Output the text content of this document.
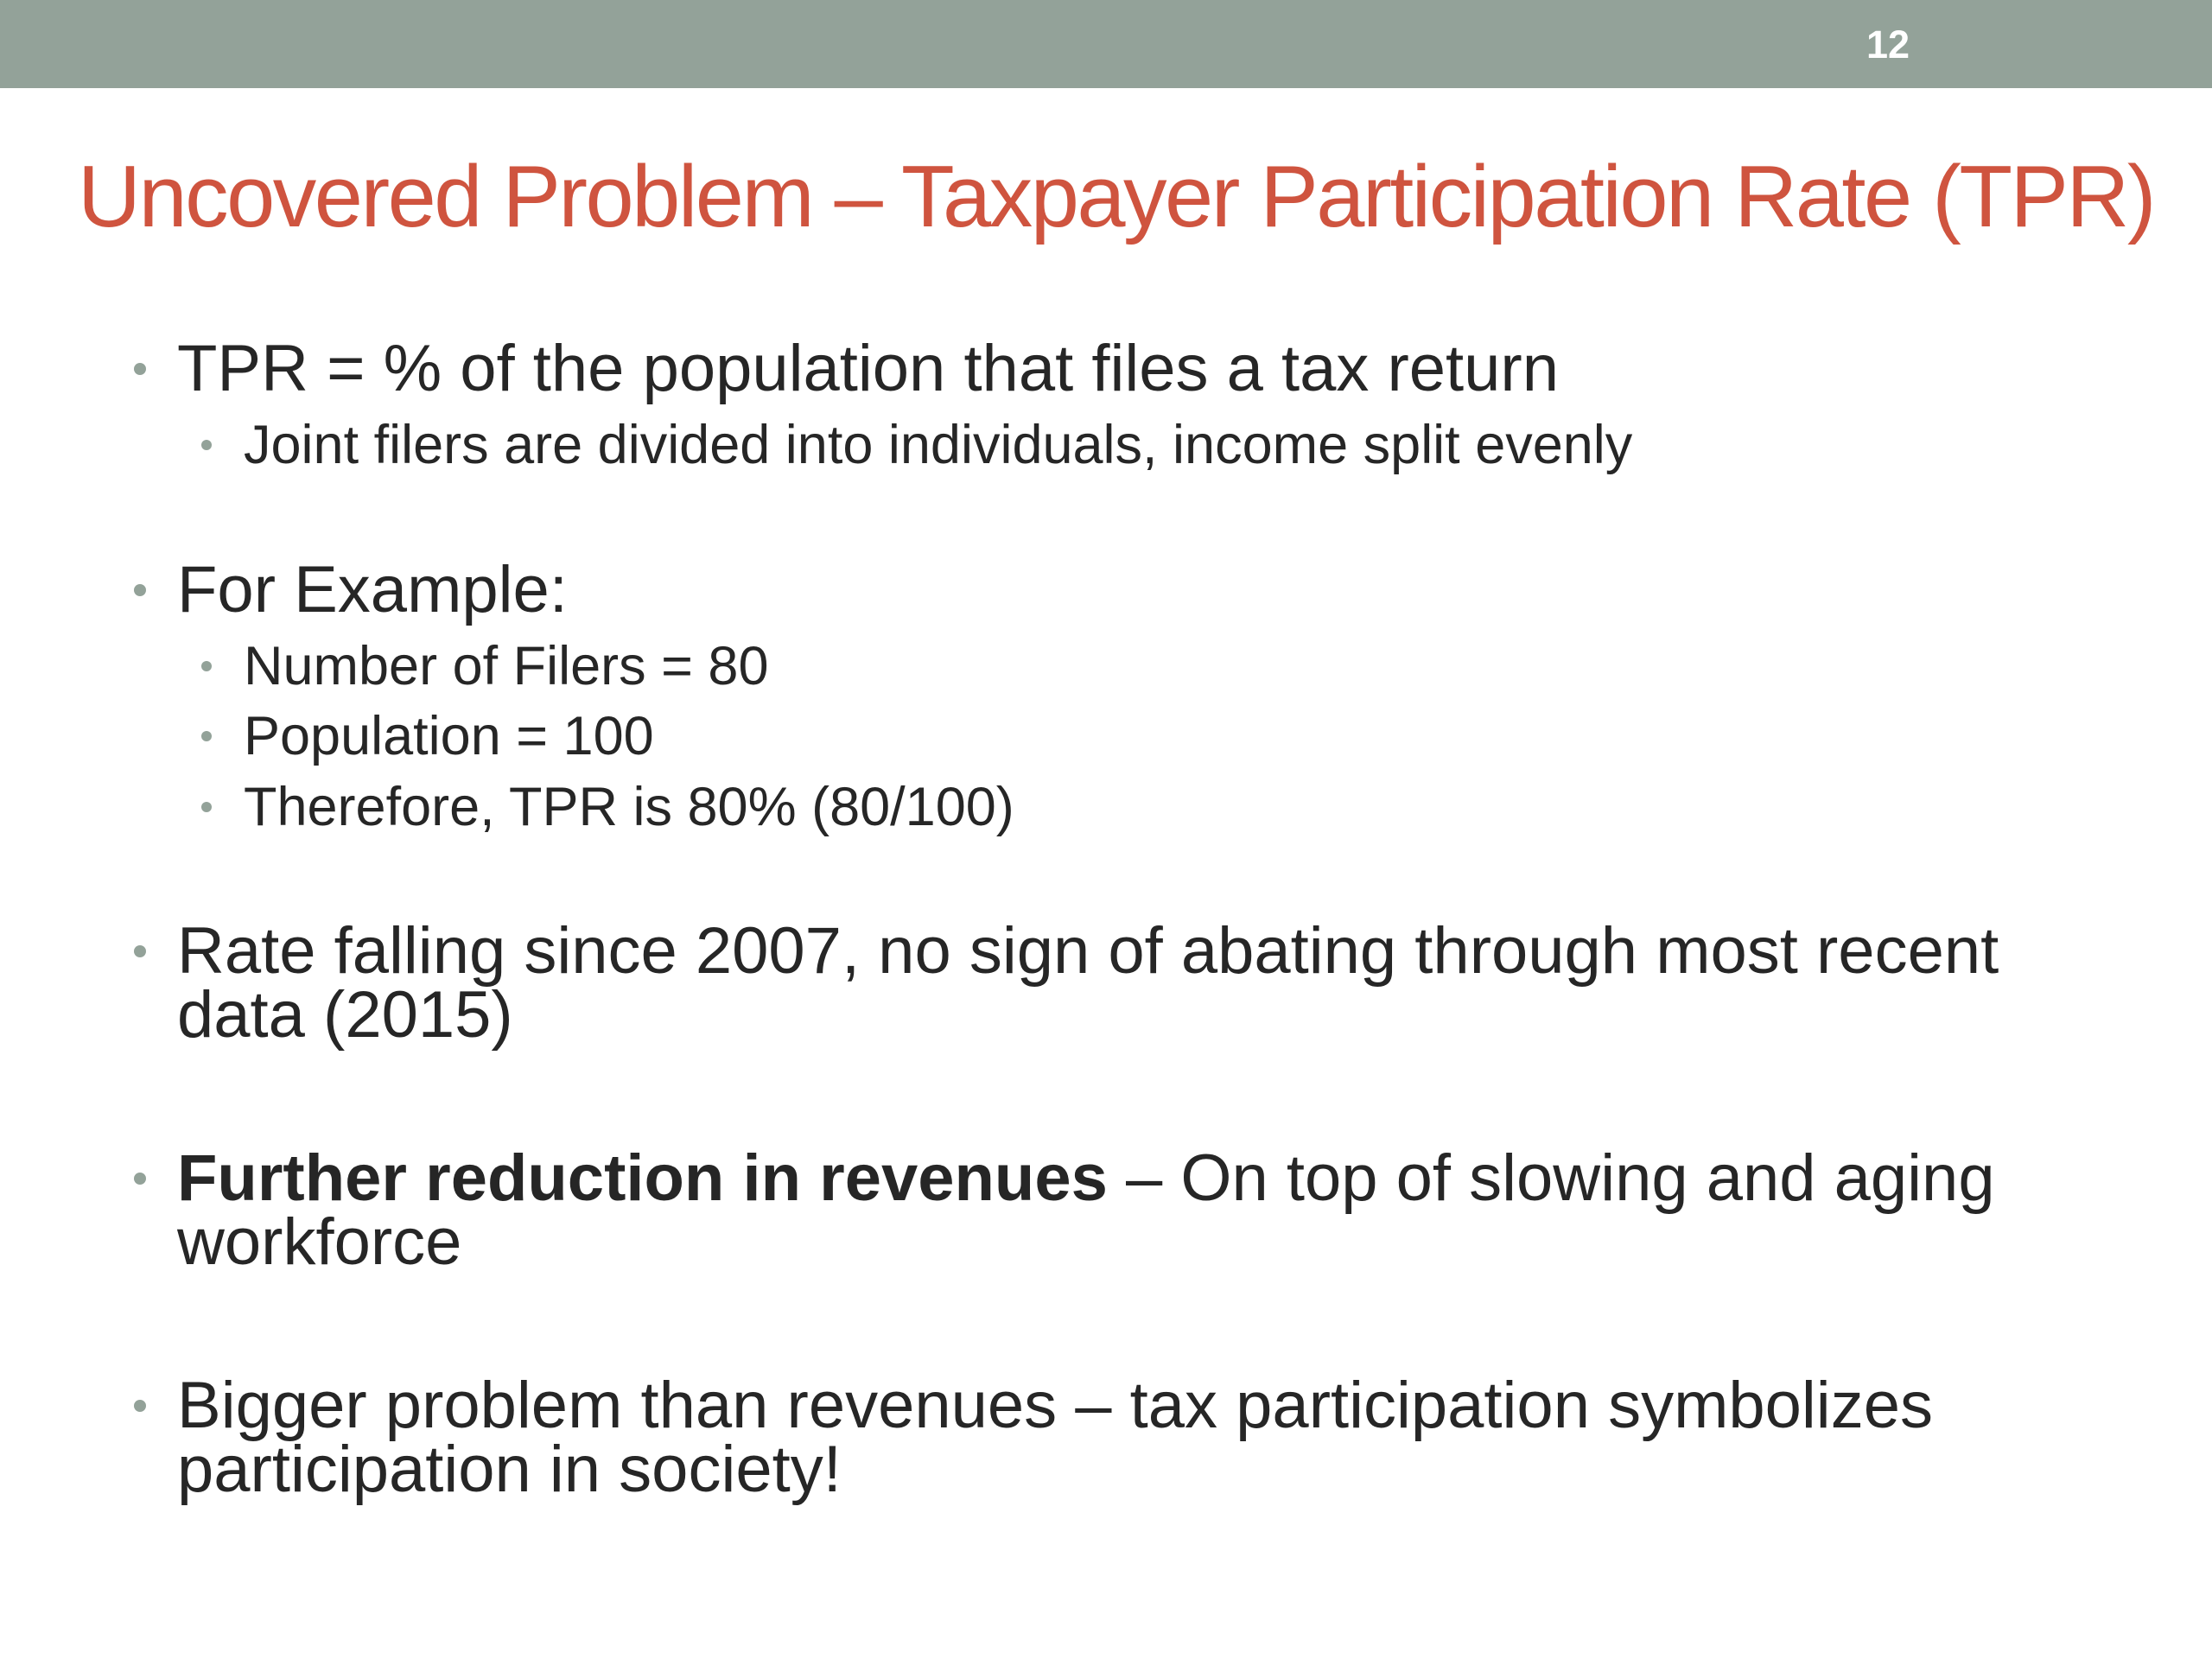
12
Uncovered Problem – Taxpayer Participation Rate (TPR)
TPR = % of the population that files a tax return
Joint filers are divided into individuals, income split evenly
For Example:
Number of Filers = 80
Population = 100
Therefore, TPR is 80% (80/100)
Rate falling since 2007, no sign of abating through most recent
data (2015)
Further reduction in revenues – On top of slowing and aging
workforce
Bigger problem than revenues – tax participation symbolizes
participation in society!
